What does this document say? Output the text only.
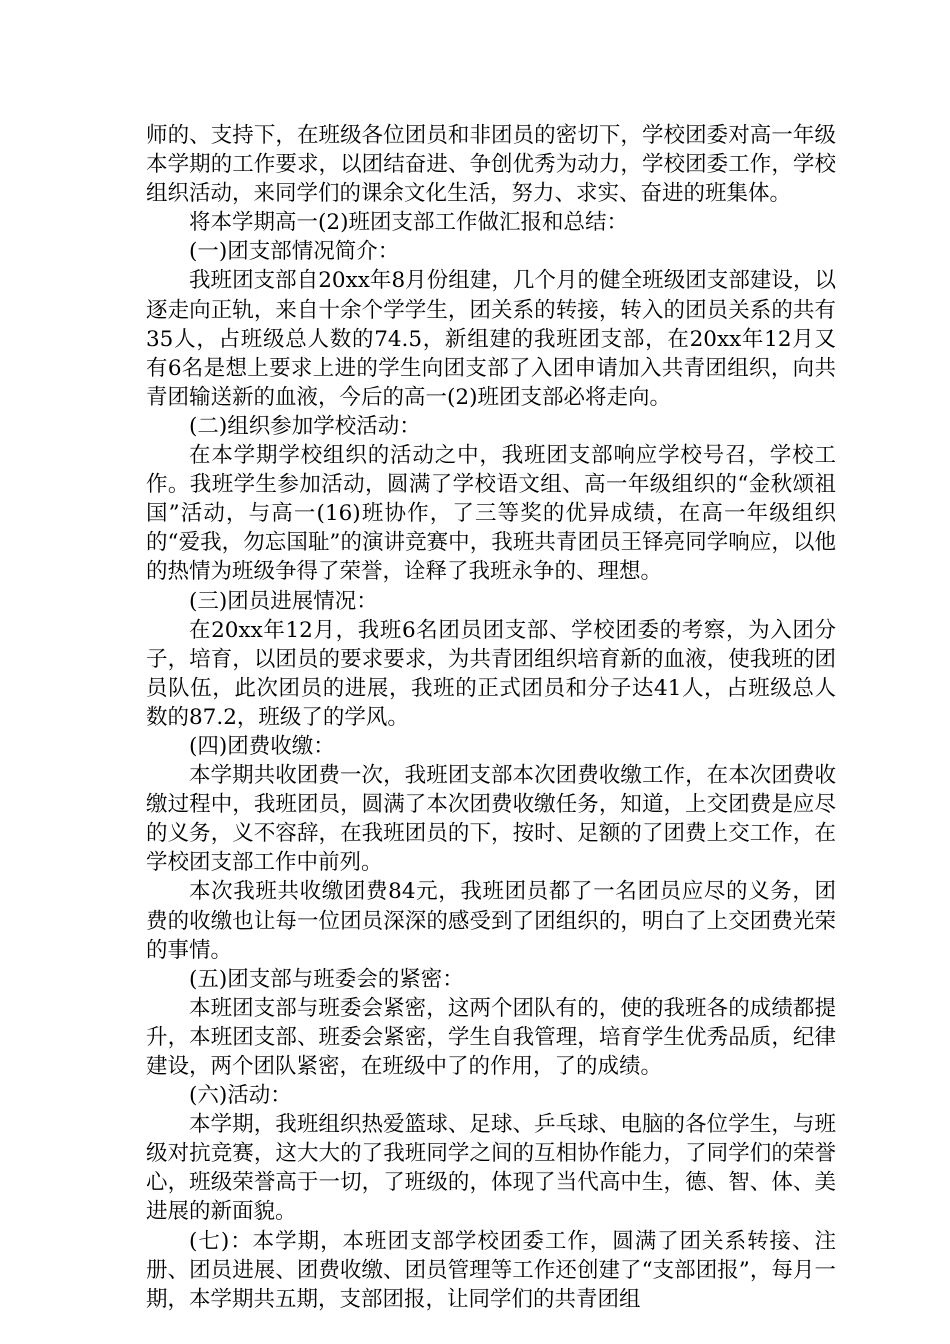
师的、支持下，在班级各位团员和非团员的密切下，学校团委对高一年级本学期的工作要求，以团结奋进、争创优秀为动力，学校团委工作，学校组织活动，来同学们的课余文化生活，努力、求实、奋进的班集体。

将本学期高一(2)班团支部工作做汇报和总结：

(一)团支部情况简介：

我班团支部自20xx年8月份组建，几个月的健全班级团支部建设，以逐走向正轨，来自十余个学学生，团关系的转接，转入的团员关系的共有35人，占班级总人数的74.5，新组建的我班团支部，在20xx年12月又有6名是想上要求上进的学生向团支部了入团申请加入共青团组织，向共青团输送新的血液，今后的高一(2)班团支部必将走向。

(二)组织参加学校活动：

在本学期学校组织的活动之中，我班团支部响应学校号召，学校工作。我班学生参加活动，圆满了学校语文组、高一年级组织的“金秋颂祖国”活动，与高一(16)班协作，了三等奖的优异成绩，在高一年级组织的“爱我，勿忘国耻”的演讲竞赛中，我班共青团员王铎亮同学响应，以他的热情为班级争得了荣誉，诠释了我班永争的、理想。

(三)团员进展情况：

在20xx年12月，我班6名团员团支部、学校团委的考察，为入团分子，培育，以团员的要求要求，为共青团组织培育新的血液，使我班的团员队伍，此次团员的进展，我班的正式团员和分子达41人，占班级总人数的87.2，班级了的学风。

(四)团费收缴：

本学期共收团费一次，我班团支部本次团费收缴工作，在本次团费收缴过程中，我班团员，圆满了本次团费收缴任务，知道，上交团费是应尽的义务，义不容辞，在我班团员的下，按时、足额的了团费上交工作，在学校团支部工作中前列。

本次我班共收缴团费84元，我班团员都了一名团员应尽的义务，团费的收缴也让每一位团员深深的感受到了团组织的，明白了上交团费光荣的事情。

(五)团支部与班委会的紧密：

本班团支部与班委会紧密，这两个团队有的，使的我班各的成绩都提升，本班团支部、班委会紧密，学生自我管理，培育学生优秀品质，纪律建设，两个团队紧密，在班级中了的作用，了的成绩。

(六)活动：

本学期，我班组织热爱篮球、足球、乒乓球、电脑的各位学生，与班级对抗竞赛，这大大的了我班同学之间的互相协作能力，了同学们的荣誉心，班级荣誉高于一切，了班级的，体现了当代高中生，德、智、体、美进展的新面貌。

(七)：本学期，本班团支部学校团委工作，圆满了团关系转接、注册、团员进展、团费收缴、团员管理等工作还创建了“支部团报”，每月一期，本学期共五期，支部团报，让同学们的共青团组
